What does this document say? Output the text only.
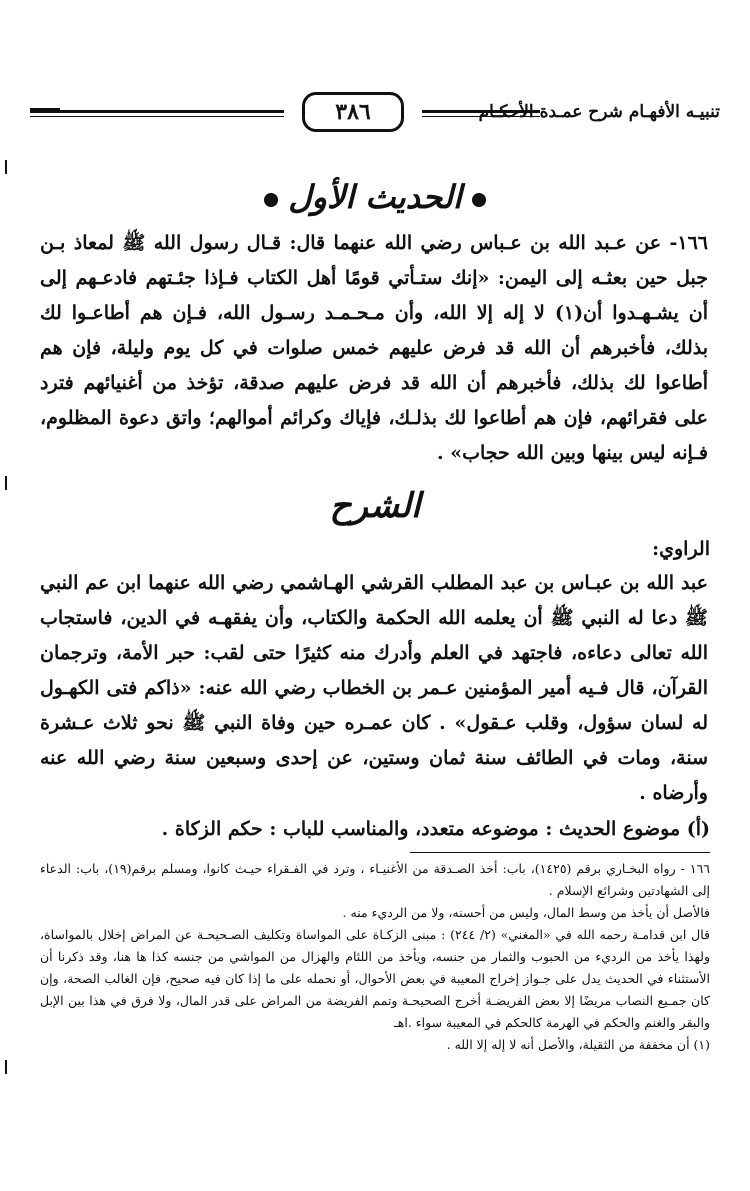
٣٨٦	تنبيـه الأفهـام شرح عمـدة الأحكـام
الحديث الأول
١٦٦- عن عـبد الله بن عـباس رضي الله عنهما قال: قـال رسول الله ﷺ لمعاذ بـن جبل حين بعثـه إلى اليمن: «إنك ستـأتي قومًا أهل الكتاب فـإذا جئـتهم فادعـهم إلى أن يشـهـدوا أن(١) لا إله إلا الله، وأن مـحـمـد رسـول الله، فـإن هم أطاعـوا لك بذلك، فأخبرهم أن الله قد فرض عليهم خمس صلوات في كل يوم وليلة، فإن هم أطاعوا لك بذلك، فأخبرهم أن الله قد فرض عليهم صدقة، تؤخذ من أغنيائهم فترد على فقرائهم، فإن هم أطاعوا لك بذلـك، فإياك وكرائم أموالهم؛ واتق دعوة المظلوم، فـإنه ليس بينها وبين الله حجاب» .
الشرح
الراوي:
عبد الله بن عبـاس بن عبد المطلب القرشي الهـاشمي رضي الله عنهما ابن عم النبي ﷺ دعا له النبي ﷺ أن يعلمه الله الحكمة والكتاب، وأن يفقهـه في الدين، فاستجاب الله تعالى دعاءه، فاجتهد في العلم وأدرك منه كثيرًا حتى لقب: حبر الأمة، وترجمان القرآن، قال فـيه أمير المؤمنين عـمر بن الخطاب رضي الله عنه: «ذاكم فتى الكهـول له لسان سؤول، وقلب عـقول» . كان عمـره حين وفاة النبي ﷺ نحو ثلاث عـشرة سنة، ومات في الطائف سنة ثمان وستين، عن إحدى وسبعين سنة رضي الله عنه وأرضاه .
(أ) موضوع الحديث : موضوعه متعدد، والمناسب للباب : حكم الزكاة .

١٦٦ - رواه البخـاري برقم (١٤٢٥)، باب: أخذ الصـدقة من الأغنيـاء ، وترد في الفـقراء حيـث كانوا، ومسلم برقم(١٩)، باب: الدعاء إلى الشهادتين وشرائع الإسلام .

فالأصل أن يأخذ من وسط المال، وليس من أحسنه، ولا من الرديء منه .

قال ابن قدامـة رحمه الله في «المغني» (٢/ ٢٤٤) : مبنى الزكـاة على المواساة وتكليف الصـحيحـة عن المراض إخلال بالمواساة، ولهذا يأخذ من الرديء من الحبوب والثمار من جنسه، ويأخذ من اللئام والهزال من المواشي من جنسه كذا ها هنا، وقد ذكرنا أن الأستثناء في الحديث يدل على جـواز إخراج المعيبة في بعض الأحوال، أو نحمله على ما إذا كان فيه صحيح، فإن الغالب الصحة، وإن كان جمـيع النصاب مريضًا إلا بعض الفريضـة أخرج الصحيحـة وتمم الفريضة من المراض على قدر المال، ولا فرق في هذا بين الإبل والبقر والغنم والحكم في الهرمة كالحكم في المعيبة سواء .اهـ

(١) أن مخففة من الثقيلة، والأصل أنه لا إله إلا الله .
